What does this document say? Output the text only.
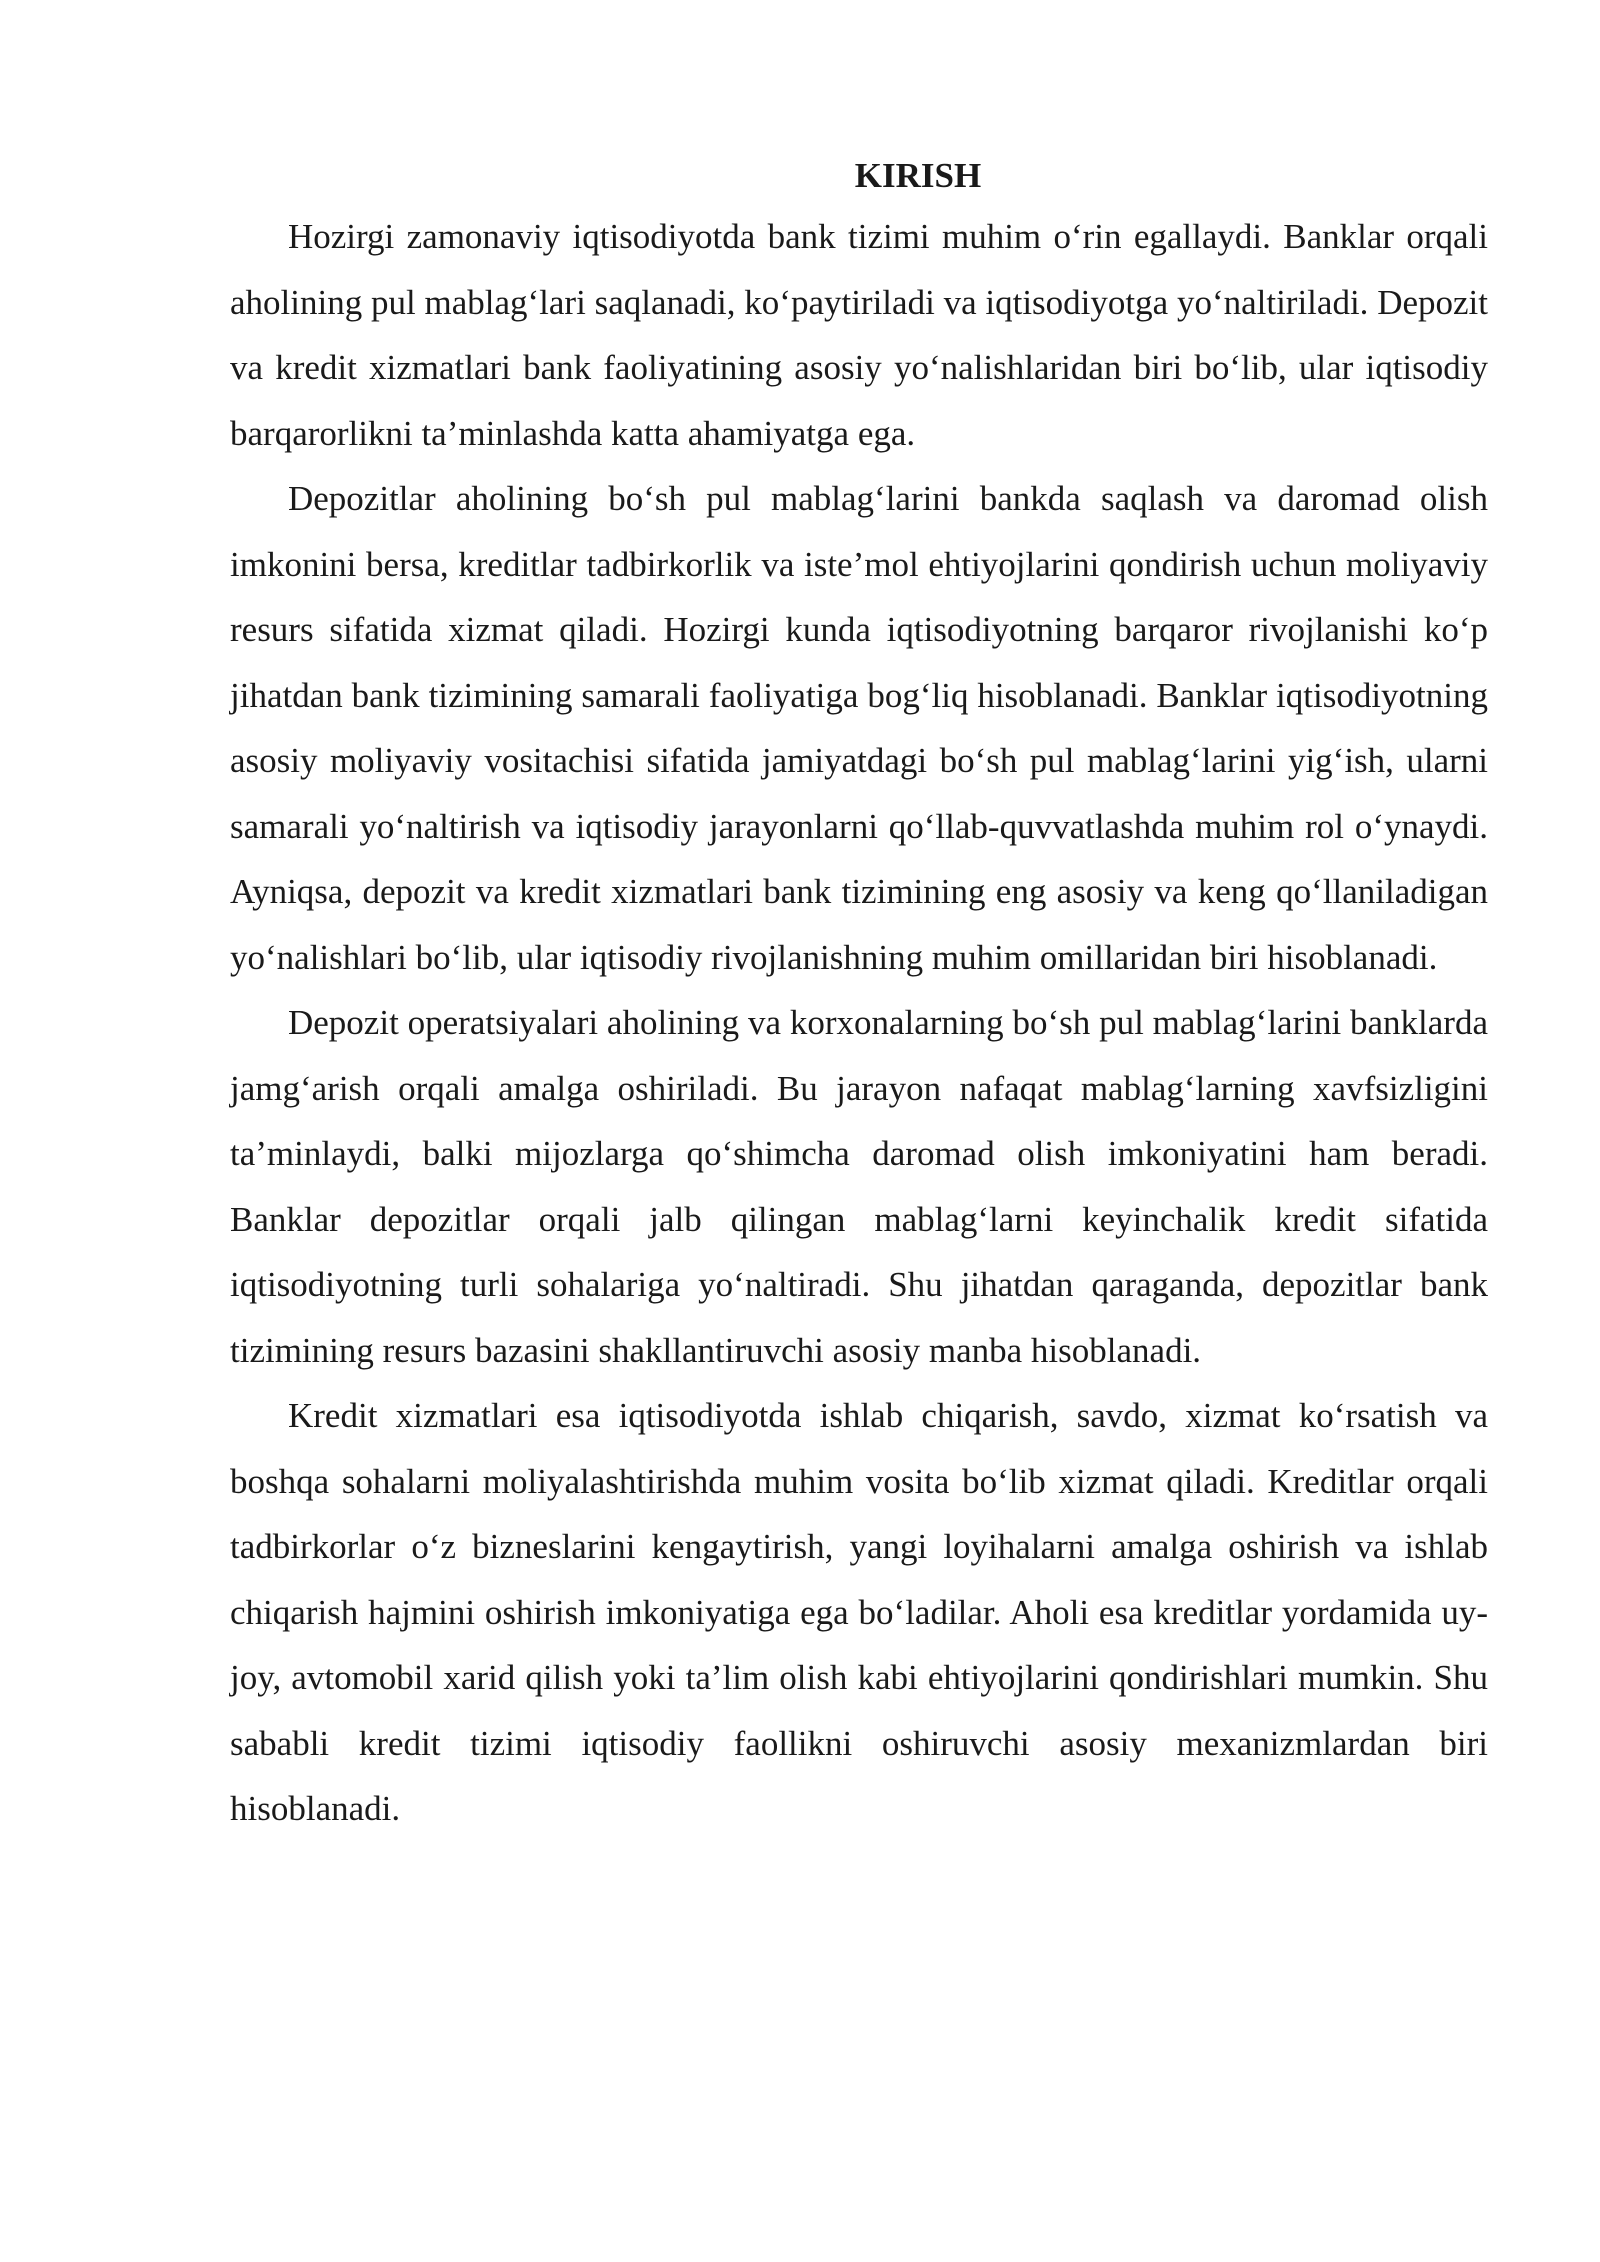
KIRISH

Hozirgi zamonaviy iqtisodiyotda bank tizimi muhim o‘rin egallaydi. Banklar orqali aholining pul mablag‘lari saqlanadi, ko‘paytiriladi va iqtisodiyotga yo‘naltiriladi. Depozit va kredit xizmatlari bank faoliyatining asosiy yo‘nalishlaridan biri bo‘lib, ular iqtisodiy barqarorlikni ta’minlashda katta ahamiyatga ega.

Depozitlar aholining bo‘sh pul mablag‘larini bankda saqlash va daromad olish imkonini bersa, kreditlar tadbirkorlik va iste’mol ehtiyojlarini qondirish uchun moliyaviy resurs sifatida xizmat qiladi. Hozirgi kunda iqtisodiyotning barqaror rivojlanishi ko‘p jihatdan bank tizimining samarali faoliyatiga bog‘liq hisoblanadi. Banklar iqtisodiyotning asosiy moliyaviy vositachisi sifatida jamiyatdagi bo‘sh pul mablag‘larini yig‘ish, ularni samarali yo‘naltirish va iqtisodiy jarayonlarni qo‘llab-quvvatlashda muhim rol o‘ynaydi. Ayniqsa, depozit va kredit xizmatlari bank tizimining eng asosiy va keng qo‘llaniladigan yo‘nalishlari bo‘lib, ular iqtisodiy rivojlanishning muhim omillaridan biri hisoblanadi.

Depozit operatsiyalari aholining va korxonalarning bo‘sh pul mablag‘larini banklarda jamg‘arish orqali amalga oshiriladi. Bu jarayon nafaqat mablag‘larning xavfsizligini ta’minlaydi, balki mijozlarga qo‘shimcha daromad olish imkoniyatini ham beradi. Banklar depozitlar orqali jalb qilingan mablag‘larni keyinchalik kredit sifatida iqtisodiyotning turli sohalariga yo‘naltiradi. Shu jihatdan qaraganda, depozitlar bank tizimining resurs bazasini shakllantiruvchi asosiy manba hisoblanadi.

Kredit xizmatlari esa iqtisodiyotda ishlab chiqarish, savdo, xizmat ko‘rsatish va boshqa sohalarni moliyalashtirishda muhim vosita bo‘lib xizmat qiladi. Kreditlar orqali tadbirkorlar o‘z bizneslarini kengaytirish, yangi loyihalarni amalga oshirish va ishlab chiqarish hajmini oshirish imkoniyatiga ega bo‘ladilar. Aholi esa kreditlar yordamida uy-joy, avtomobil xarid qilish yoki ta’lim olish kabi ehtiyojlarini qondirishlari mumkin. Shu sababli kredit tizimi iqtisodiy faollikni oshiruvchi asosiy mexanizmlardan biri hisoblanadi.
